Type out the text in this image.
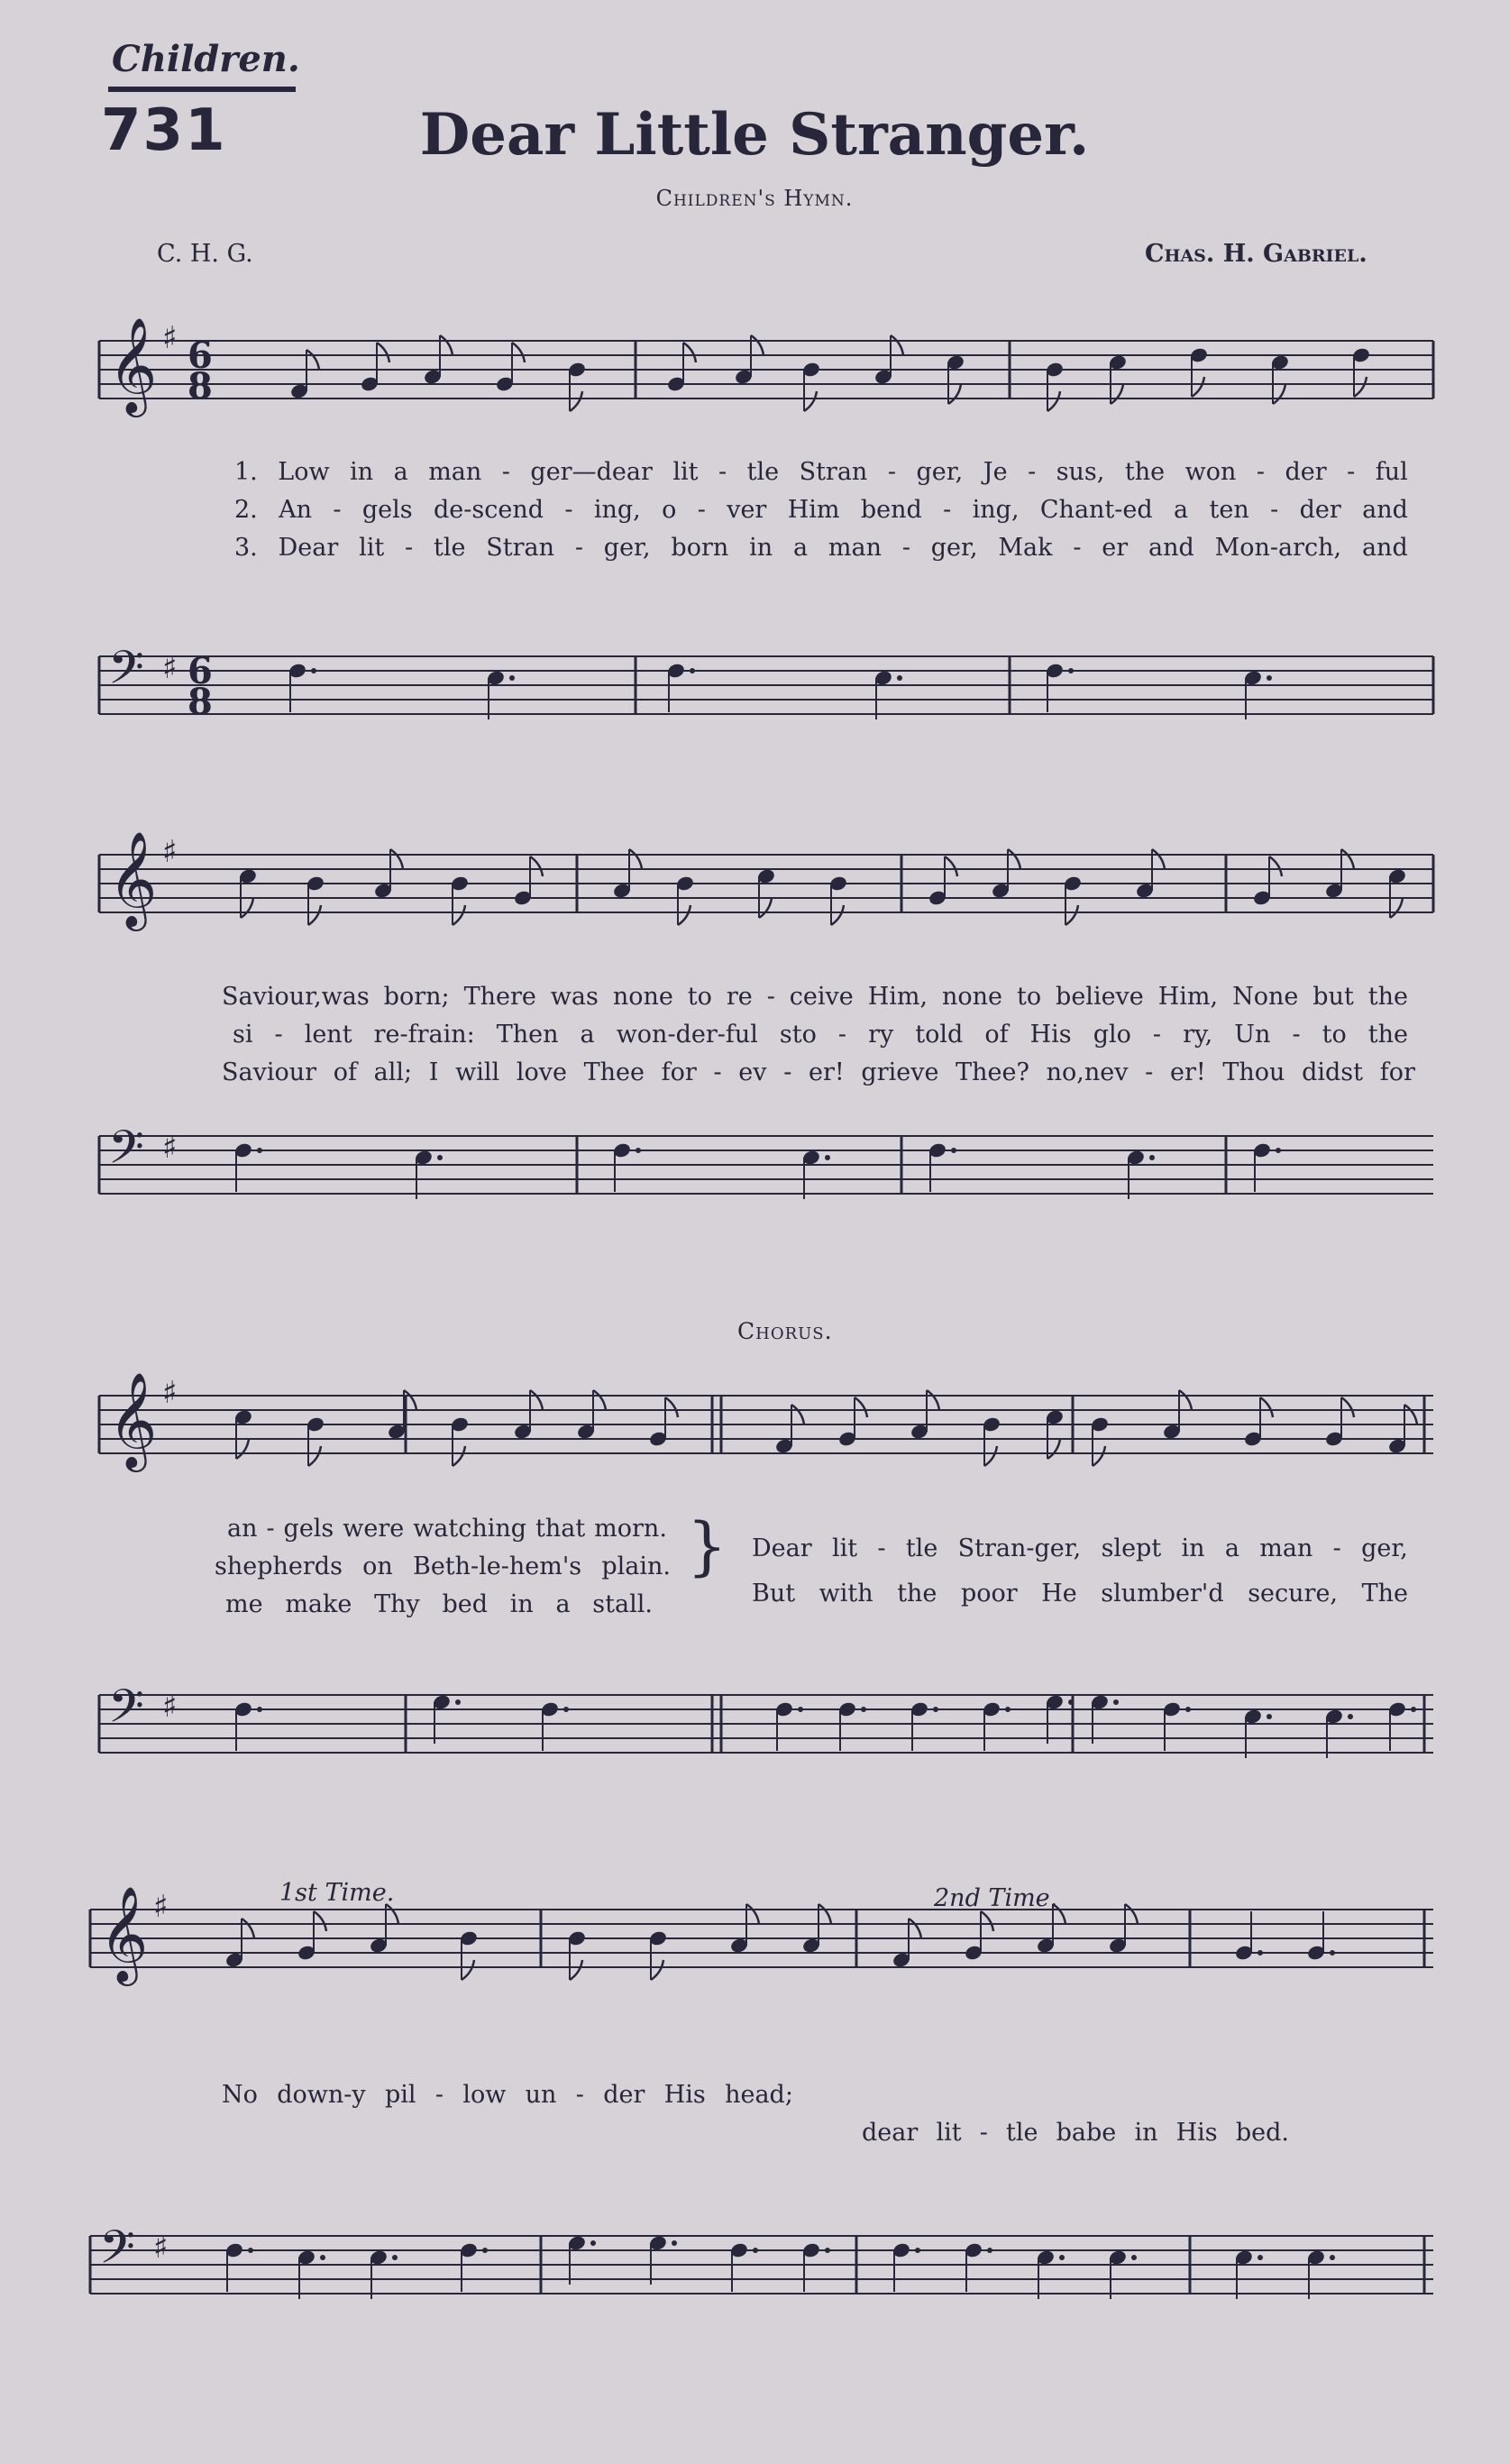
Children.
731	Dear Little Stranger.
Children's Hymn.
C. H. G.	Chas. H. Gabriel.
𝄞 ♯ 6
8
𝄢 ♯ 6
8
1. Low in a man - ger—dear lit - tle Stran - ger, Je - sus, the won - der - ful
2. An - gels de-scend - ing, o - ver Him bend - ing, Chant-ed a ten - der and
3. Dear lit - tle Stran - ger, born in a man - ger, Mak - er and Mon-arch, and
𝄞 ♯
𝄢 ♯
Saviour,was born; There was none to re - ceive Him, none to believe Him, None but the
si - lent re-frain: Then a won-der-ful sto - ry told of His glo - ry, Un - to the
Saviour of all; I will love Thee for - ev - er! grieve Thee? no,nev - er! Thou didst for
Chorus.
𝄞 ♯
𝄢 ♯
an - gels were watching that morn.
shepherds on Beth-le-hem's plain.
me make Thy bed in a stall.
} Dear lit - tle Stran-ger, slept in a man - ger,
But with the poor He slumber'd secure, The
1st Time.	2nd Time.
𝄞 ♯
𝄢 ♯
No down-y pil - low un - der His head;
dear lit - tle babe in His bed.
